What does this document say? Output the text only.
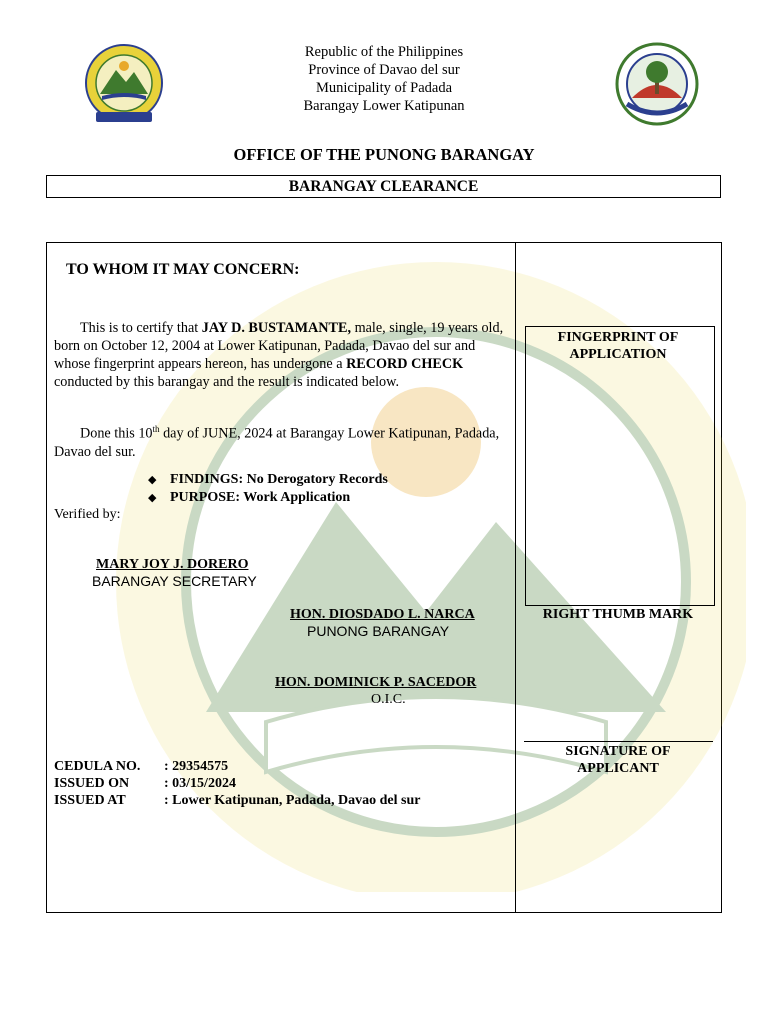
Republic of the Philippines
Province of Davao del sur
Municipality of Padada
Barangay Lower Katipunan
OFFICE OF THE PUNONG BARANGAY
BARANGAY CLEARANCE
TO WHOM IT MAY CONCERN:
This is to certify that JAY D. BUSTAMANTE, male, single, 19 years old, born on October 12, 2004 at Lower Katipunan, Padada, Davao del sur and whose fingerprint appears hereon, has undergone a RECORD CHECK conducted by this barangay and the result is indicated below.
Done this 10th day of JUNE, 2024 at Barangay Lower Katipunan, Padada, Davao del sur.
◆ FINDINGS: No Derogatory Records
◆ PURPOSE: Work Application
Verified by:
MARY JOY J. DORERO
BARANGAY SECRETARY
HON. DIOSDADO L. NARCA
PUNONG BARANGAY
HON. DOMINICK P. SACEDOR
O.I.C.
CEDULA NO. : 29354575
ISSUED ON : 03/15/2024
ISSUED AT	: Lower Katipunan, Padada, Davao del sur
FINGERPRINT OF APPLICATION
RIGHT THUMB MARK
SIGNATURE OF APPLICANT
